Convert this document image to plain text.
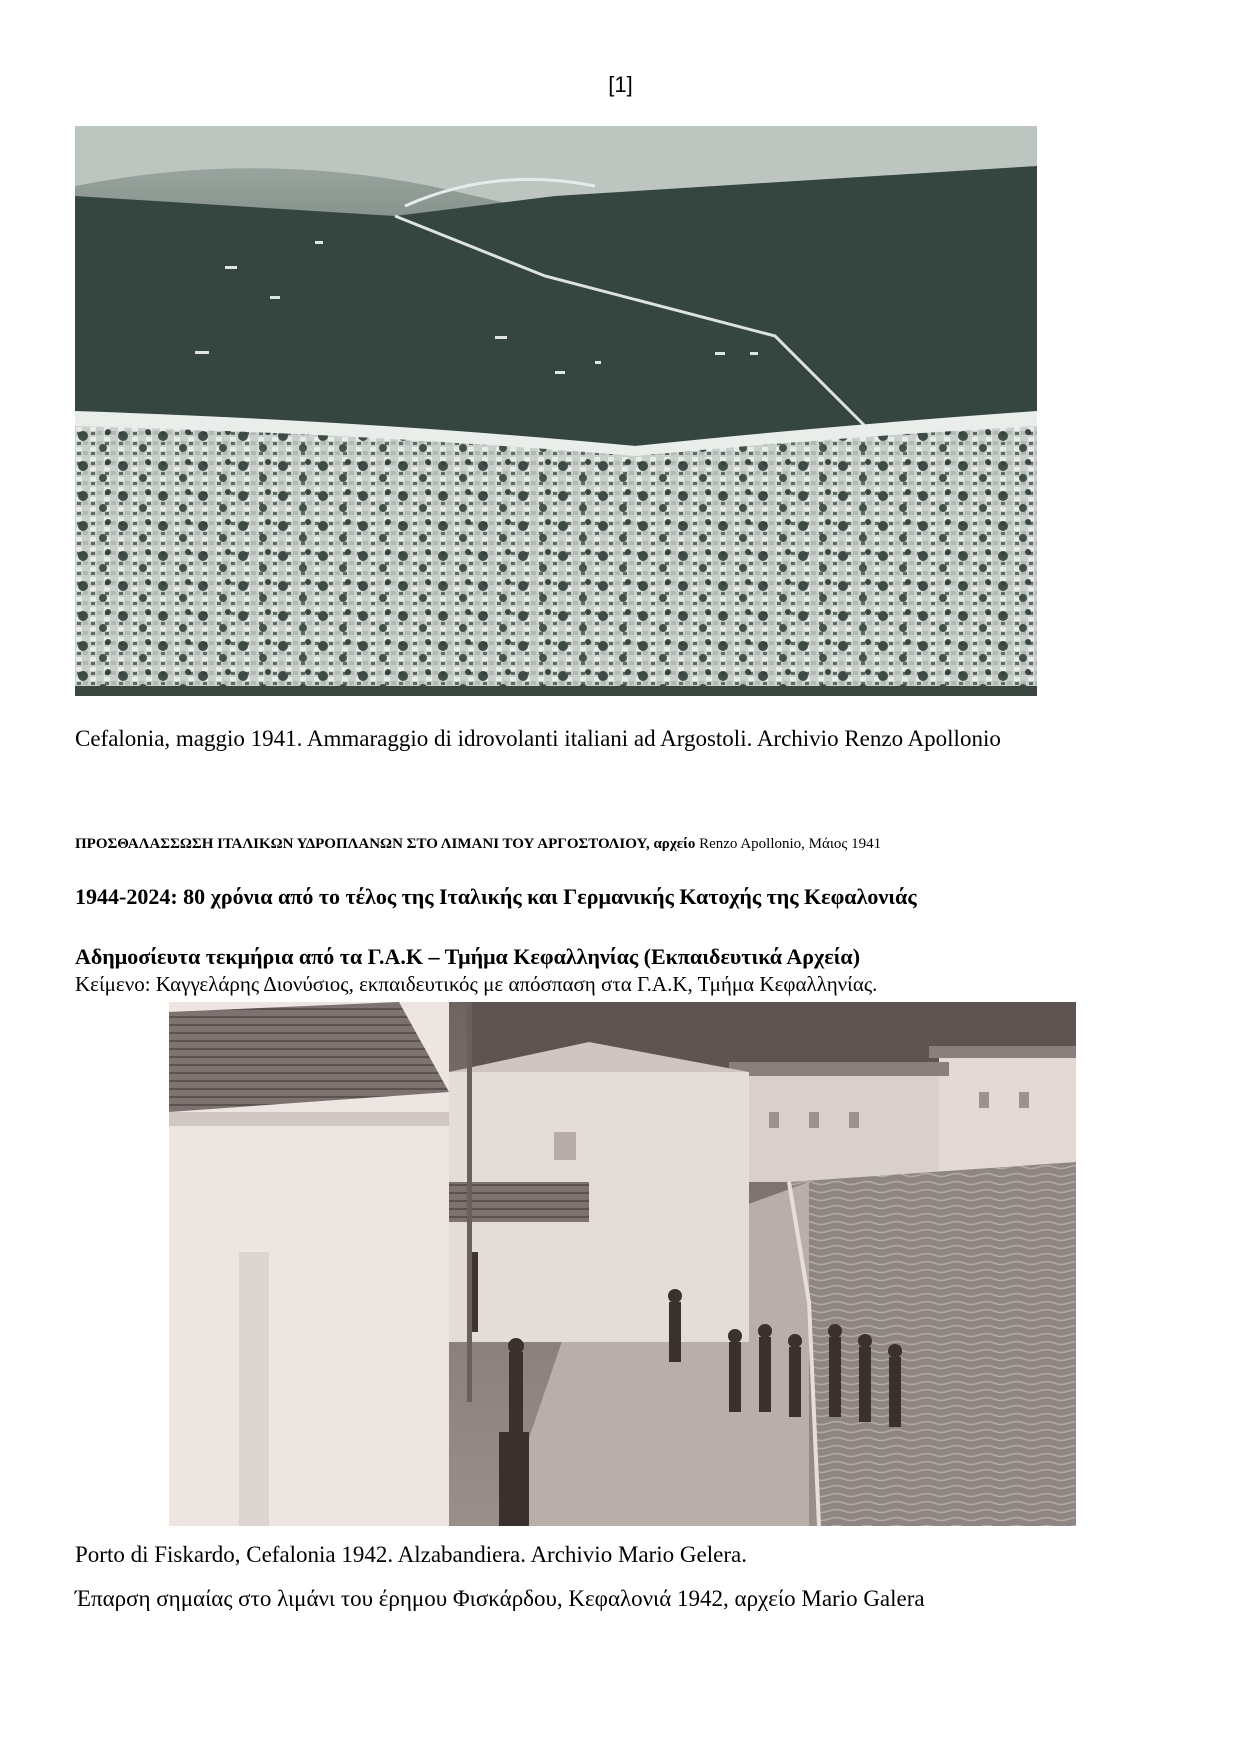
[1]
Cefalonia, maggio 1941. Ammaraggio di idrovolanti italiani ad Argostoli. Archivio Renzo Apollonio
ΠΡΟΣΘΑΛΑΣΣΩΣΗ ΙΤΑΛΙΚΩΝ ΥΔΡΟΠΛΑΝΩΝ ΣΤΟ ΛΙΜΑΝΙ ΤΟΥ ΑΡΓΟΣΤΟΛΙΟΥ, αρχείο Renzo Apollonio, Μάιος 1941
1944-2024: 80 χρόνια από το τέλος της Ιταλικής και Γερμανικής Κατοχής της Κεφαλονιάς
Αδημοσίευτα τεκμήρια από τα Γ.Α.Κ – Τμήμα Κεφαλληνίας (Εκπαιδευτικά Αρχεία)
Κείμενο: Καγγελάρης Διονύσιος, εκπαιδευτικός με απόσπαση στα Γ.Α.Κ, Τμήμα Κεφαλληνίας.
Porto di Fiskardo, Cefalonia 1942. Alzabandiera. Archivio Mario Gelera.
Έπαρση σημαίας στο λιμάνι του έρημου Φισκάρδου, Κεφαλονιά 1942, αρχείο Mario Galera
